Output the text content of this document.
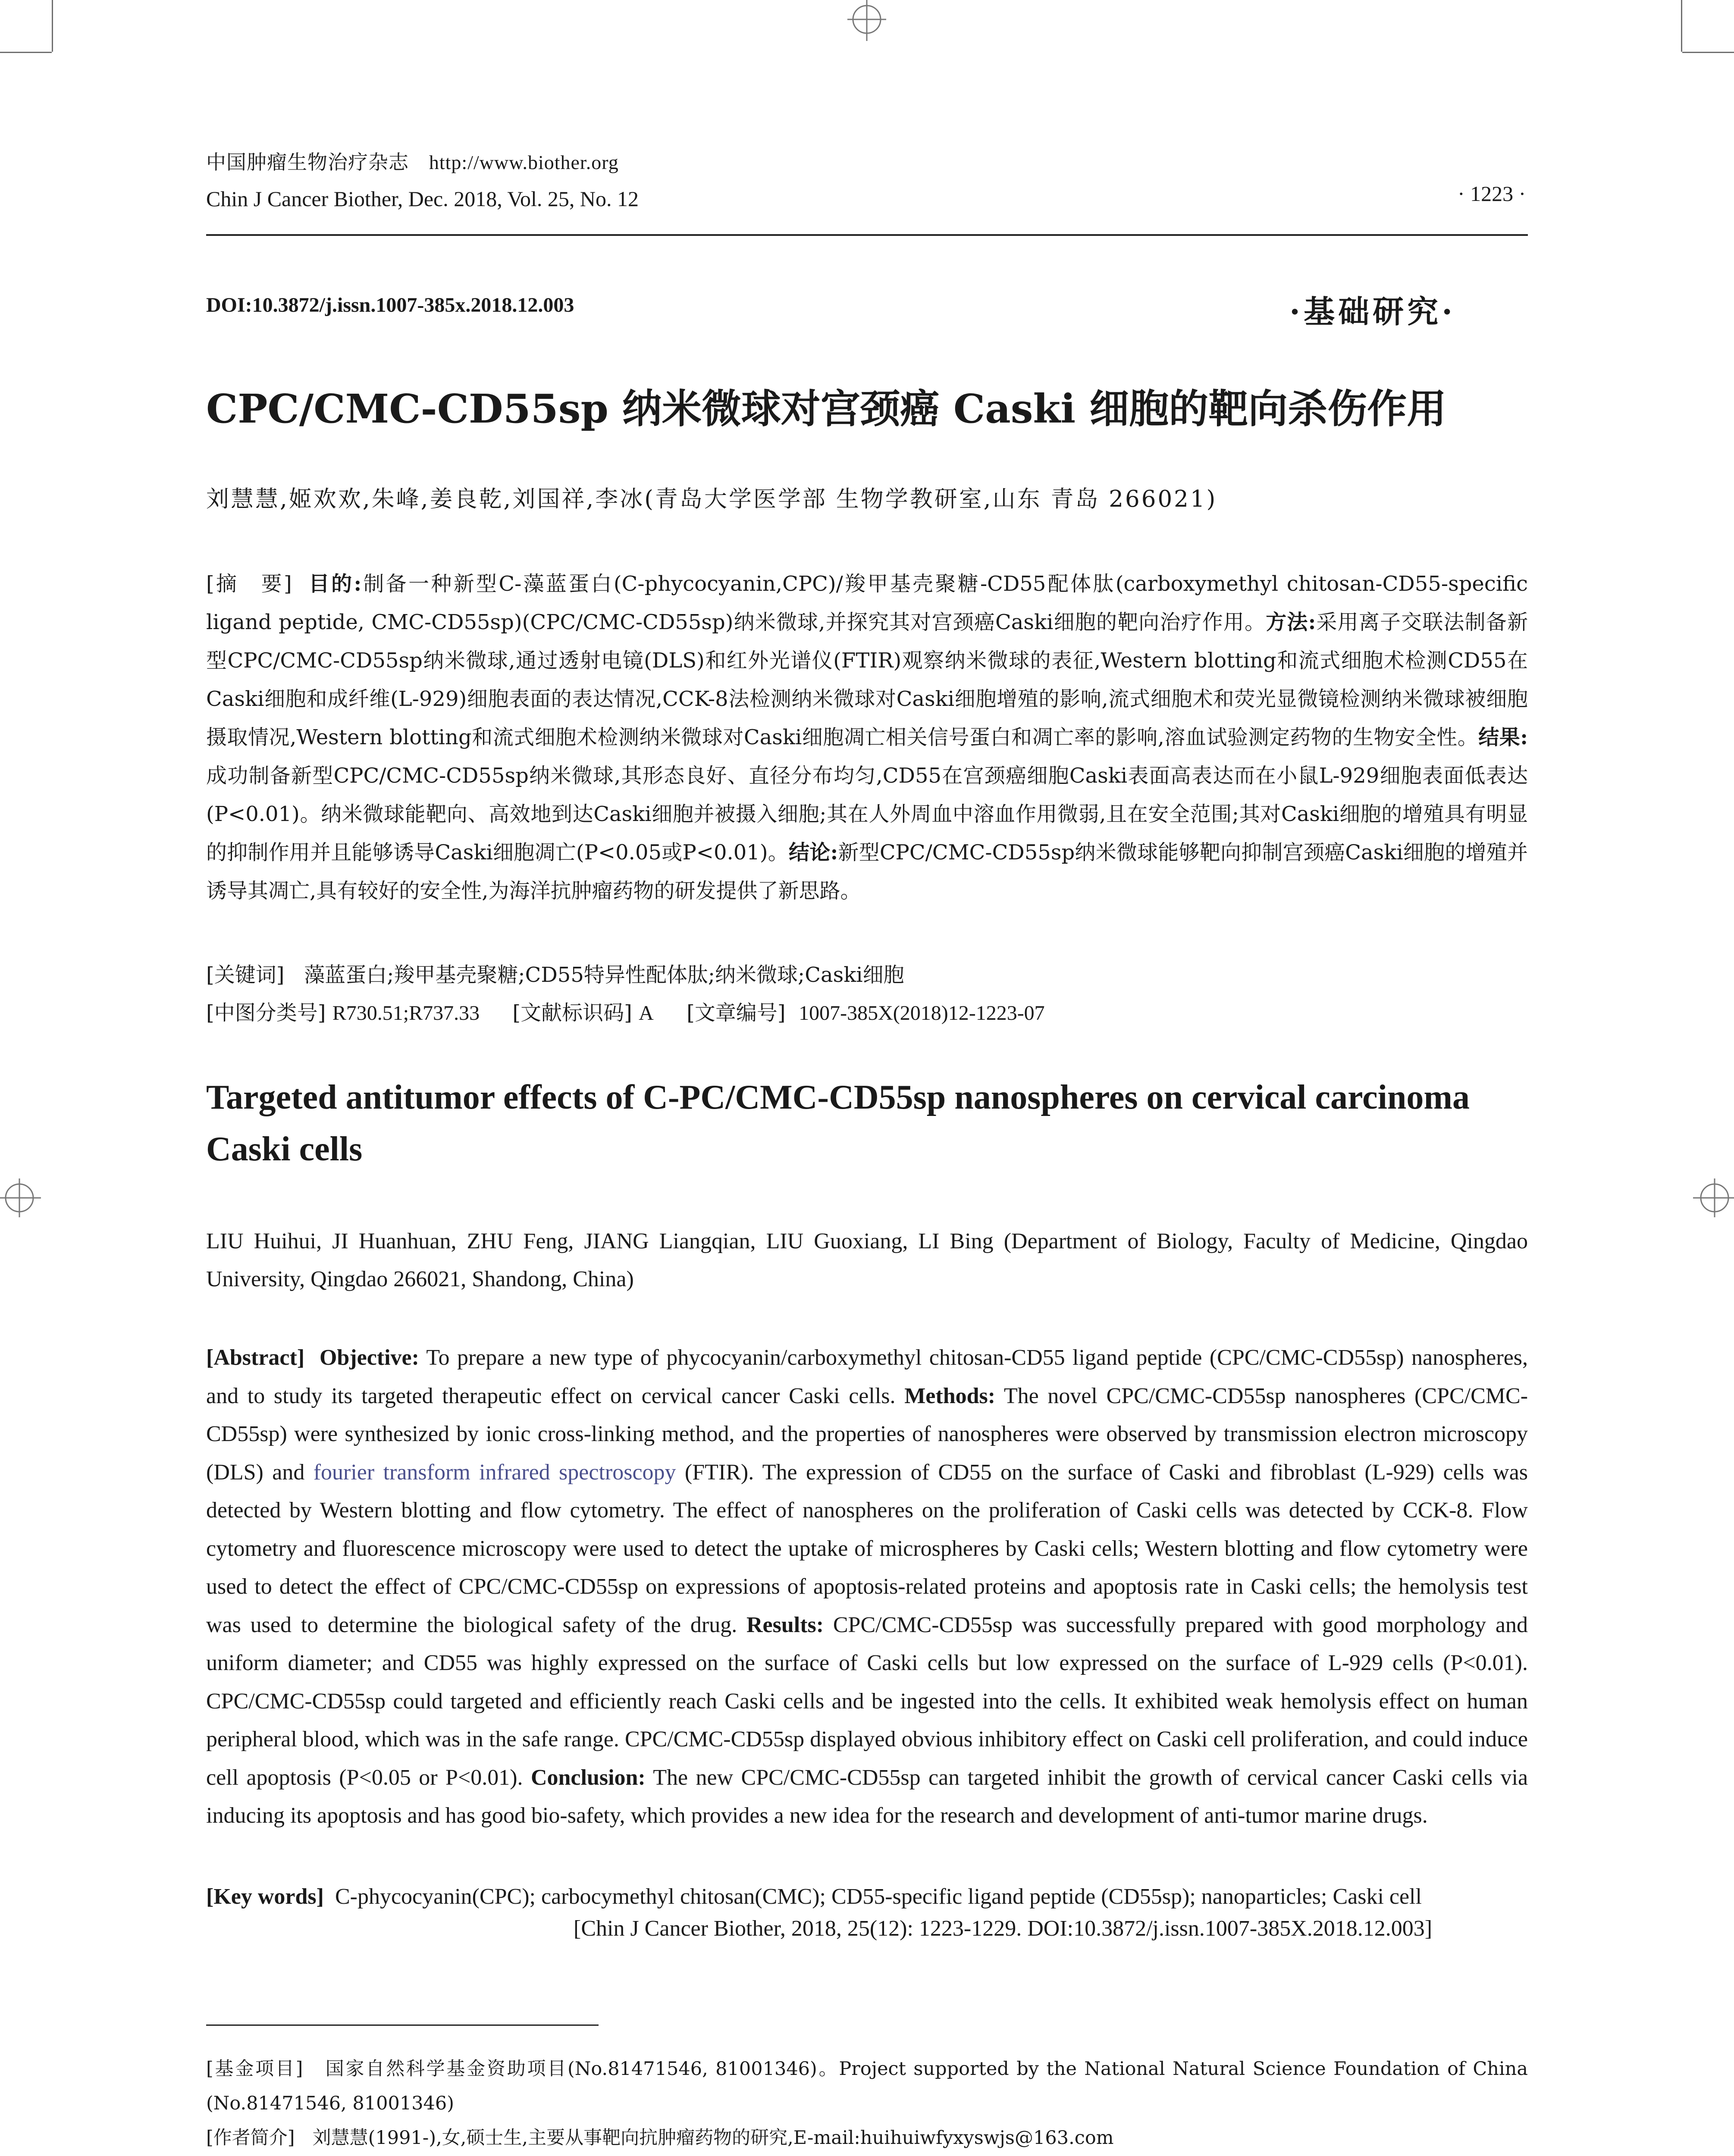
中国肿瘤生物治疗杂志 http://www.biother.org
Chin J Cancer Biother, Dec. 2018, Vol. 25, No. 12	· 1223 ·
DOI:10.3872/j.issn.1007-385x.2018.12.003	·基础研究·
CPC/CMC-CD55sp 纳米微球对宫颈癌 Caski 细胞的靶向杀伤作用
刘慧慧,姬欢欢,朱峰,姜良乾,刘国祥,李冰(青岛大学医学部 生物学教研室,山东 青岛 266021)
[摘　要] 目的:制备一种新型C-藻蓝蛋白(C-phycocyanin,CPC)/羧甲基壳聚糖-CD55配体肽(carboxymethyl chitosan-CD55-specific ligand peptide, CMC-CD55sp)(CPC/CMC-CD55sp)纳米微球,并探究其对宫颈癌Caski细胞的靶向治疗作用。方法:采用离子交联法制备新型CPC/CMC-CD55sp纳米微球,通过透射电镜(DLS)和红外光谱仪(FTIR)观察纳米微球的表征,Western blotting和流式细胞术检测CD55在Caski细胞和成纤维(L-929)细胞表面的表达情况,CCK-8法检测纳米微球对Caski细胞增殖的影响,流式细胞术和荧光显微镜检测纳米微球被细胞摄取情况,Western blotting和流式细胞术检测纳米微球对Caski细胞凋亡相关信号蛋白和凋亡率的影响,溶血试验测定药物的生物安全性。结果:成功制备新型CPC/CMC-CD55sp纳米微球,其形态良好、直径分布均匀,CD55在宫颈癌细胞Caski表面高表达而在小鼠L-929细胞表面低表达(P<0.01)。纳米微球能靶向、高效地到达Caski细胞并被摄入细胞;其在人外周血中溶血作用微弱,且在安全范围;其对Caski细胞的增殖具有明显的抑制作用并且能够诱导Caski细胞凋亡(P<0.05或P<0.01)。结论:新型CPC/CMC-CD55sp纳米微球能够靶向抑制宫颈癌Caski细胞的增殖并诱导其凋亡,具有较好的安全性,为海洋抗肿瘤药物的研发提供了新思路。
[关键词] 藻蓝蛋白;羧甲基壳聚糖;CD55特异性配体肽;纳米微球;Caski细胞
[中图分类号] R730.51;R737.33 [文献标识码] A [文章编号] 1007-385X(2018)12-1223-07
Targeted antitumor effects of C-PC/CMC-CD55sp nanospheres on cervical carcinoma Caski cells
LIU Huihui, JI Huanhuan, ZHU Feng, JIANG Liangqian, LIU Guoxiang, LI Bing (Department of Biology, Faculty of Medicine, Qingdao University, Qingdao 266021, Shandong, China)
[Abstract] Objective: To prepare a new type of phycocyanin/carboxymethyl chitosan-CD55 ligand peptide (CPC/CMC-CD55sp) nanospheres, and to study its targeted therapeutic effect on cervical cancer Caski cells. Methods: The novel CPC/CMC-CD55sp nanospheres (CPC/CMC-CD55sp) were synthesized by ionic cross-linking method, and the properties of nanospheres were observed by transmission electron microscopy (DLS) and fourier transform infrared spectroscopy (FTIR). The expression of CD55 on the surface of Caski and fibroblast (L-929) cells was detected by Western blotting and flow cytometry. The effect of nanospheres on the proliferation of Caski cells was detected by CCK-8. Flow cytometry and fluorescence microscopy were used to detect the uptake of microspheres by Caski cells; Western blotting and flow cytometry were used to detect the effect of CPC/CMC-CD55sp on expressions of apoptosis-related proteins and apoptosis rate in Caski cells; the hemolysis test was used to determine the biological safety of the drug. Results: CPC/CMC-CD55sp was successfully prepared with good morphology and uniform diameter; and CD55 was highly expressed on the surface of Caski cells but low expressed on the surface of L-929 cells (P<0.01). CPC/CMC-CD55sp could targeted and efficiently reach Caski cells and be ingested into the cells. It exhibited weak hemolysis effect on human peripheral blood, which was in the safe range. CPC/CMC-CD55sp displayed obvious inhibitory effect on Caski cell proliferation, and could induce cell apoptosis (P<0.05 or P<0.01). Conclusion: The new CPC/CMC-CD55sp can targeted inhibit the growth of cervical cancer Caski cells via inducing its apoptosis and has good bio-safety, which provides a new idea for the research and development of anti-tumor marine drugs.
[Key words] C-phycocyanin(CPC); carbocymethyl chitosan(CMC); CD55-specific ligand peptide (CD55sp); nanoparticles; Caski cell
[Chin J Cancer Biother, 2018, 25(12): 1223-1229. DOI:10.3872/j.issn.1007-385X.2018.12.003]
[基金项目] 国家自然科学基金资助项目(No.81471546, 81001346)。Project supported by the National Natural Science Foundation of China (No.81471546, 81001346)
[作者简介] 刘慧慧(1991-),女,硕士生,主要从事靶向抗肿瘤药物的研究,E-mail:huihuiwfyxyswjs@163.com
